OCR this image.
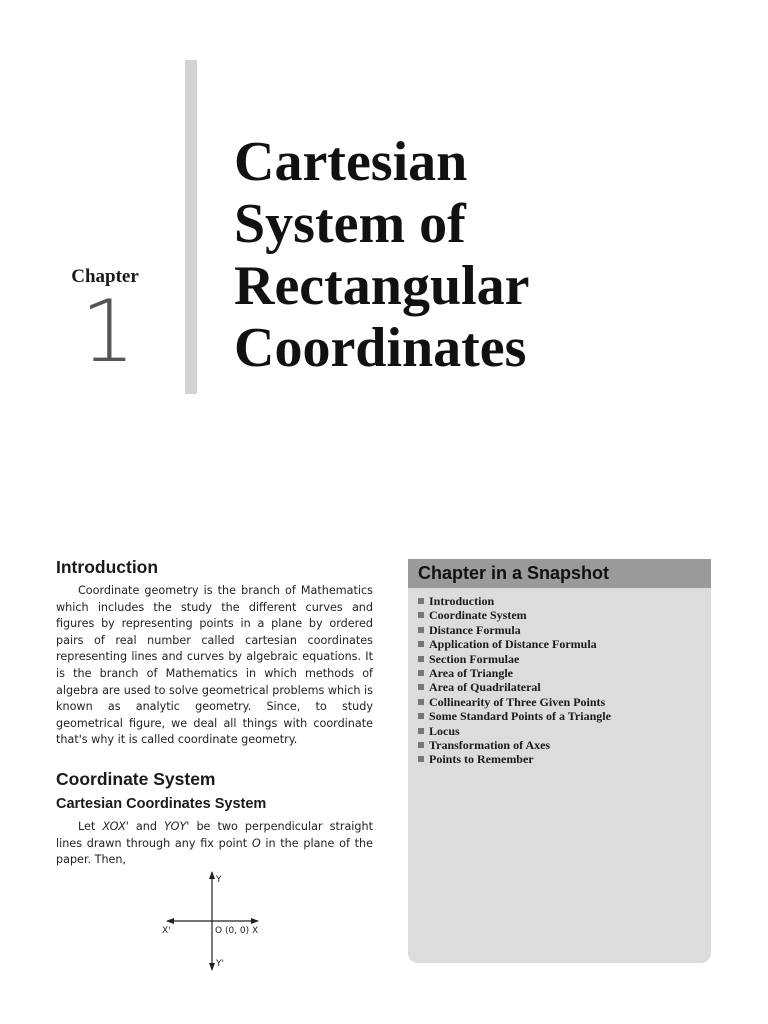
Chapter
1
Cartesian
System of
Rectangular
Coordinates
Introduction

Coordinate geometry is the branch of Mathematics which includes the study the different curves and figures by representing points in a plane by ordered pairs of real number called cartesian coordinates representing lines and curves by algebraic equations. It is the branch of Mathematics in which methods of algebra are used to solve geometrical problems which is known as analytic geometry. Since, to study geometrical figure, we deal all things with coordinate that's why it is called coordinate geometry.

Coordinate System
Cartesian Coordinates System

Let XOX' and YOY' be two perpendicular straight lines drawn through any fix point O in the plane of the paper. Then,

Y
Y'
X'	O (0, 0) X
Chapter in a Snapshot
Introduction
Coordinate System
Distance Formula
Application of Distance Formula
Section Formulae
Area of Triangle
Area of Quadrilateral
Collinearity of Three Given Points
Some Standard Points of a Triangle
Locus
Transformation of Axes
Points to Remember
